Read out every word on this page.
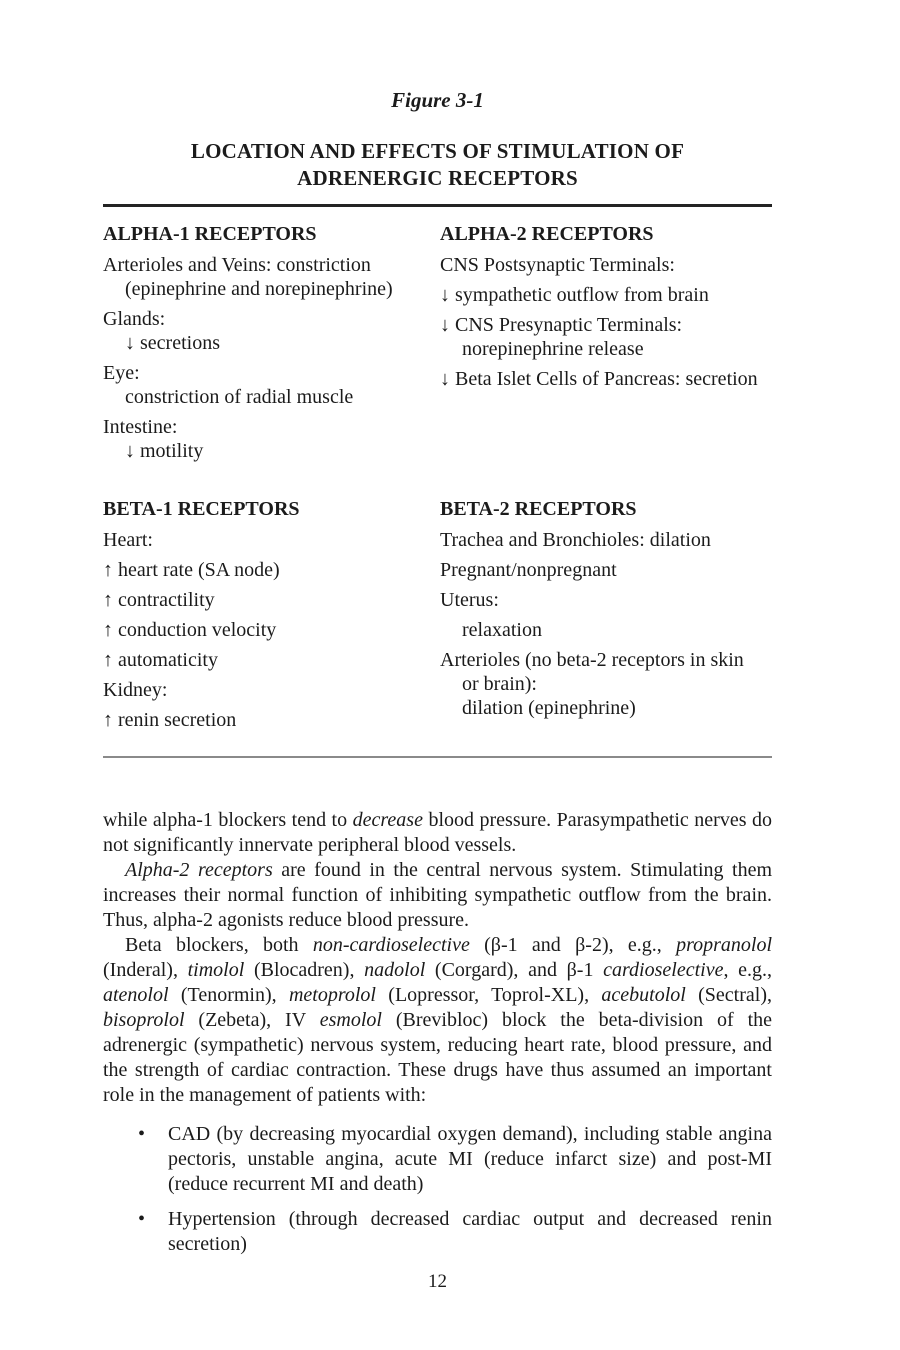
Figure 3-1
LOCATION AND EFFECTS OF STIMULATION OF
ADRENERGIC RECEPTORS
ALPHA-1 RECEPTORS
Arterioles and Veins: constriction
(epinephrine and norepinephrine)
Glands:
↓ secretions
Eye:
constriction of radial muscle
Intestine:
↓ motility
ALPHA-2 RECEPTORS
CNS Postsynaptic Terminals:
↓ sympathetic outflow from brain
↓ CNS Presynaptic Terminals:
norepinephrine release
↓ Beta Islet Cells of Pancreas: secretion
BETA-1 RECEPTORS
Heart:
↑ heart rate (SA node)
↑ contractility
↑ conduction velocity
↑ automaticity
Kidney:
↑ renin secretion
BETA-2 RECEPTORS
Trachea and Bronchioles: dilation
Pregnant/nonpregnant
Uterus:
relaxation
Arterioles (no beta-2 receptors in skin
or brain):
dilation (epinephrine)

while alpha-1 blockers tend to decrease blood pressure. Parasympathetic nerves do not significantly innervate peripheral blood vessels.

Alpha-2 receptors are found in the central nervous system. Stimulating them increases their normal function of inhibiting sympathetic outflow from the brain. Thus, alpha-2 agonists reduce blood pressure.

Beta blockers, both non-cardioselective (β-1 and β-2), e.g., propranolol (Inderal), timolol (Blocadren), nadolol (Corgard), and β-1 cardioselective, e.g., atenolol (Tenormin), metoprolol (Lopressor, Toprol-XL), acebutolol (Sectral), bisoprolol (Zebeta), IV esmolol (Brevibloc) block the beta-division of the adrenergic (sympathetic) nervous system, reducing heart rate, blood pressure, and the strength of cardiac contraction. These drugs have thus assumed an important role in the management of patients with:

• CAD (by decreasing myocardial oxygen demand), including stable angina pectoris, unstable angina, acute MI (reduce infarct size) and post-MI (reduce recurrent MI and death)
• Hypertension (through decreased cardiac output and decreased renin secretion)
12
